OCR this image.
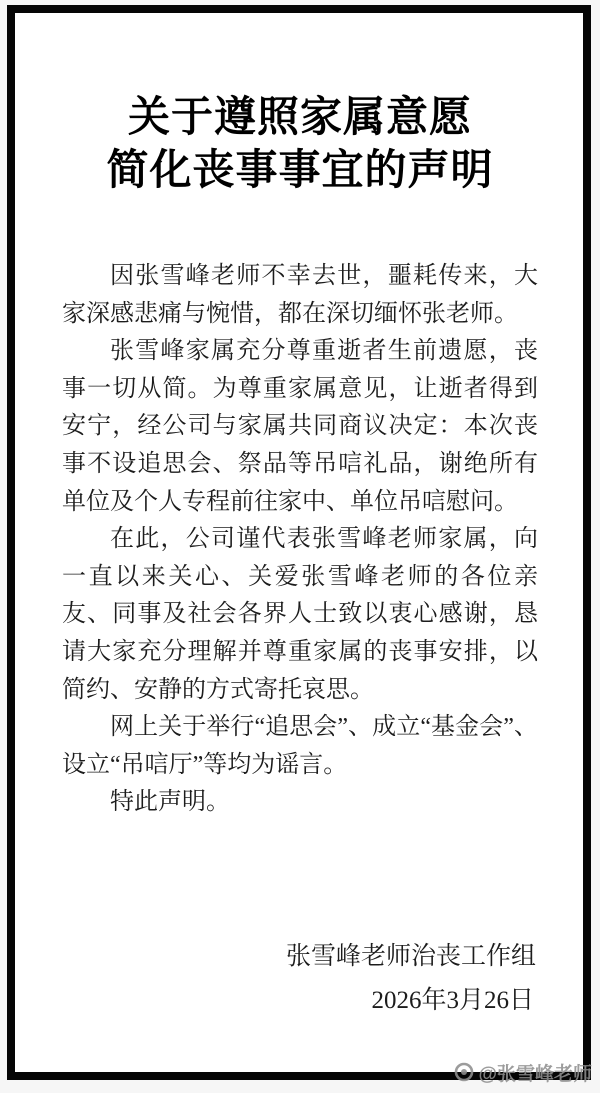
关于遵照家属意愿
简化丧事事宜的声明

因张雪峰老师不幸去世，噩耗传来，大家深感悲痛与惋惜，都在深切缅怀张老师。

张雪峰家属充分尊重逝者生前遗愿，丧事一切从简。为尊重家属意见，让逝者得到安宁，经公司与家属共同商议决定：本次丧事不设追思会、祭品等吊唁礼品，谢绝所有单位及个人专程前往家中、单位吊唁慰问。

在此，公司谨代表张雪峰老师家属，向一直以来关心、关爱张雪峰老师的各位亲友、同事及社会各界人士致以衷心感谢，恳请大家充分理解并尊重家属的丧事安排，以简约、安静的方式寄托哀思。

网上关于举行“追思会”、成立“基金会”、设立“吊唁厅”等均为谣言。

特此声明。

张雪峰老师治丧工作组
2026年3月26日
@张雪峰老师
